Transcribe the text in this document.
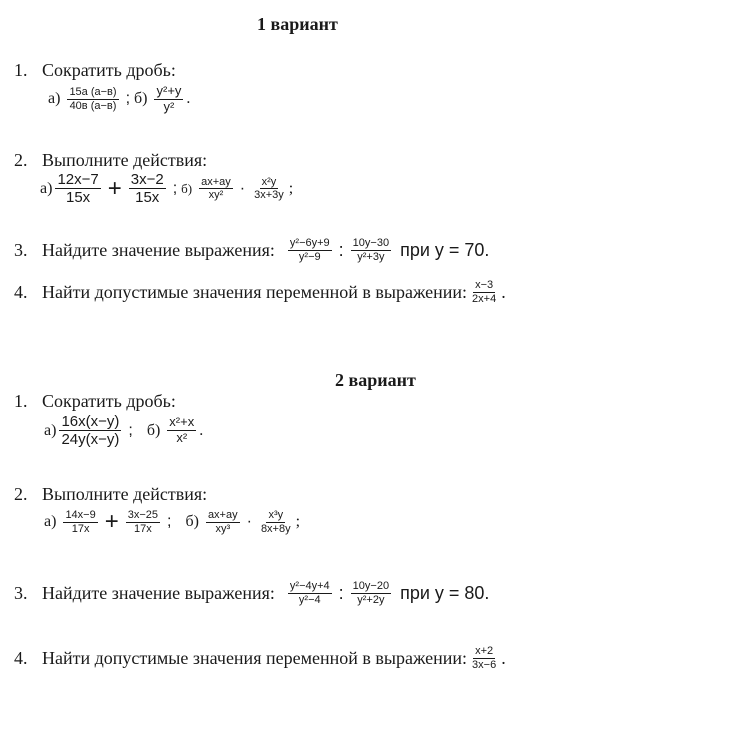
1 вариант
1. Сократить дробь:
$а) \frac{15а (а-в)}{40в (а-в)}$ ; $б) \frac{\text{y²+y}}{\text{y²}}$ .
2. Выполните действия:
$а) \frac{12x-7}{15x} + \frac{3x-2}{15x}$ ; $б) \frac{ax+ay}{\text{xy²}} \cdot \frac{\text{x²y}}{3x+3y}$ ;
3. Найдите значение выражения: $\frac{\text{y²−6y+9}}{\text{y²−9}}$ : $\frac{10y-30}{\text{y²+3y}}$ при y = 70.
4. Найти допустимые значения переменной в выражении: $\frac{x-3}{2x+4}$ .
2 вариант
1. Сократить дробь:
$а) \frac{16x(x-y)}{24y(x-y)}$ ; $б) \frac{\text{x²+x}}{\text{x²}}$ .
2. Выполните действия:
$а) \frac{14x-9}{17x} + \frac{3x-25}{17x}$ ; $б) \frac{ax+ay}{\text{xy³}} \cdot \frac{\text{x³y}}{8x+8y}$ ;
3. Найдите значение выражения: $\frac{\text{y²−4y+4}}{\text{y²−4}}$ : $\frac{10y-20}{\text{y²+2y}}$ при y = 80.
4. Найти допустимые значения переменной в выражении: $\frac{x+2}{3x-6}$ .
